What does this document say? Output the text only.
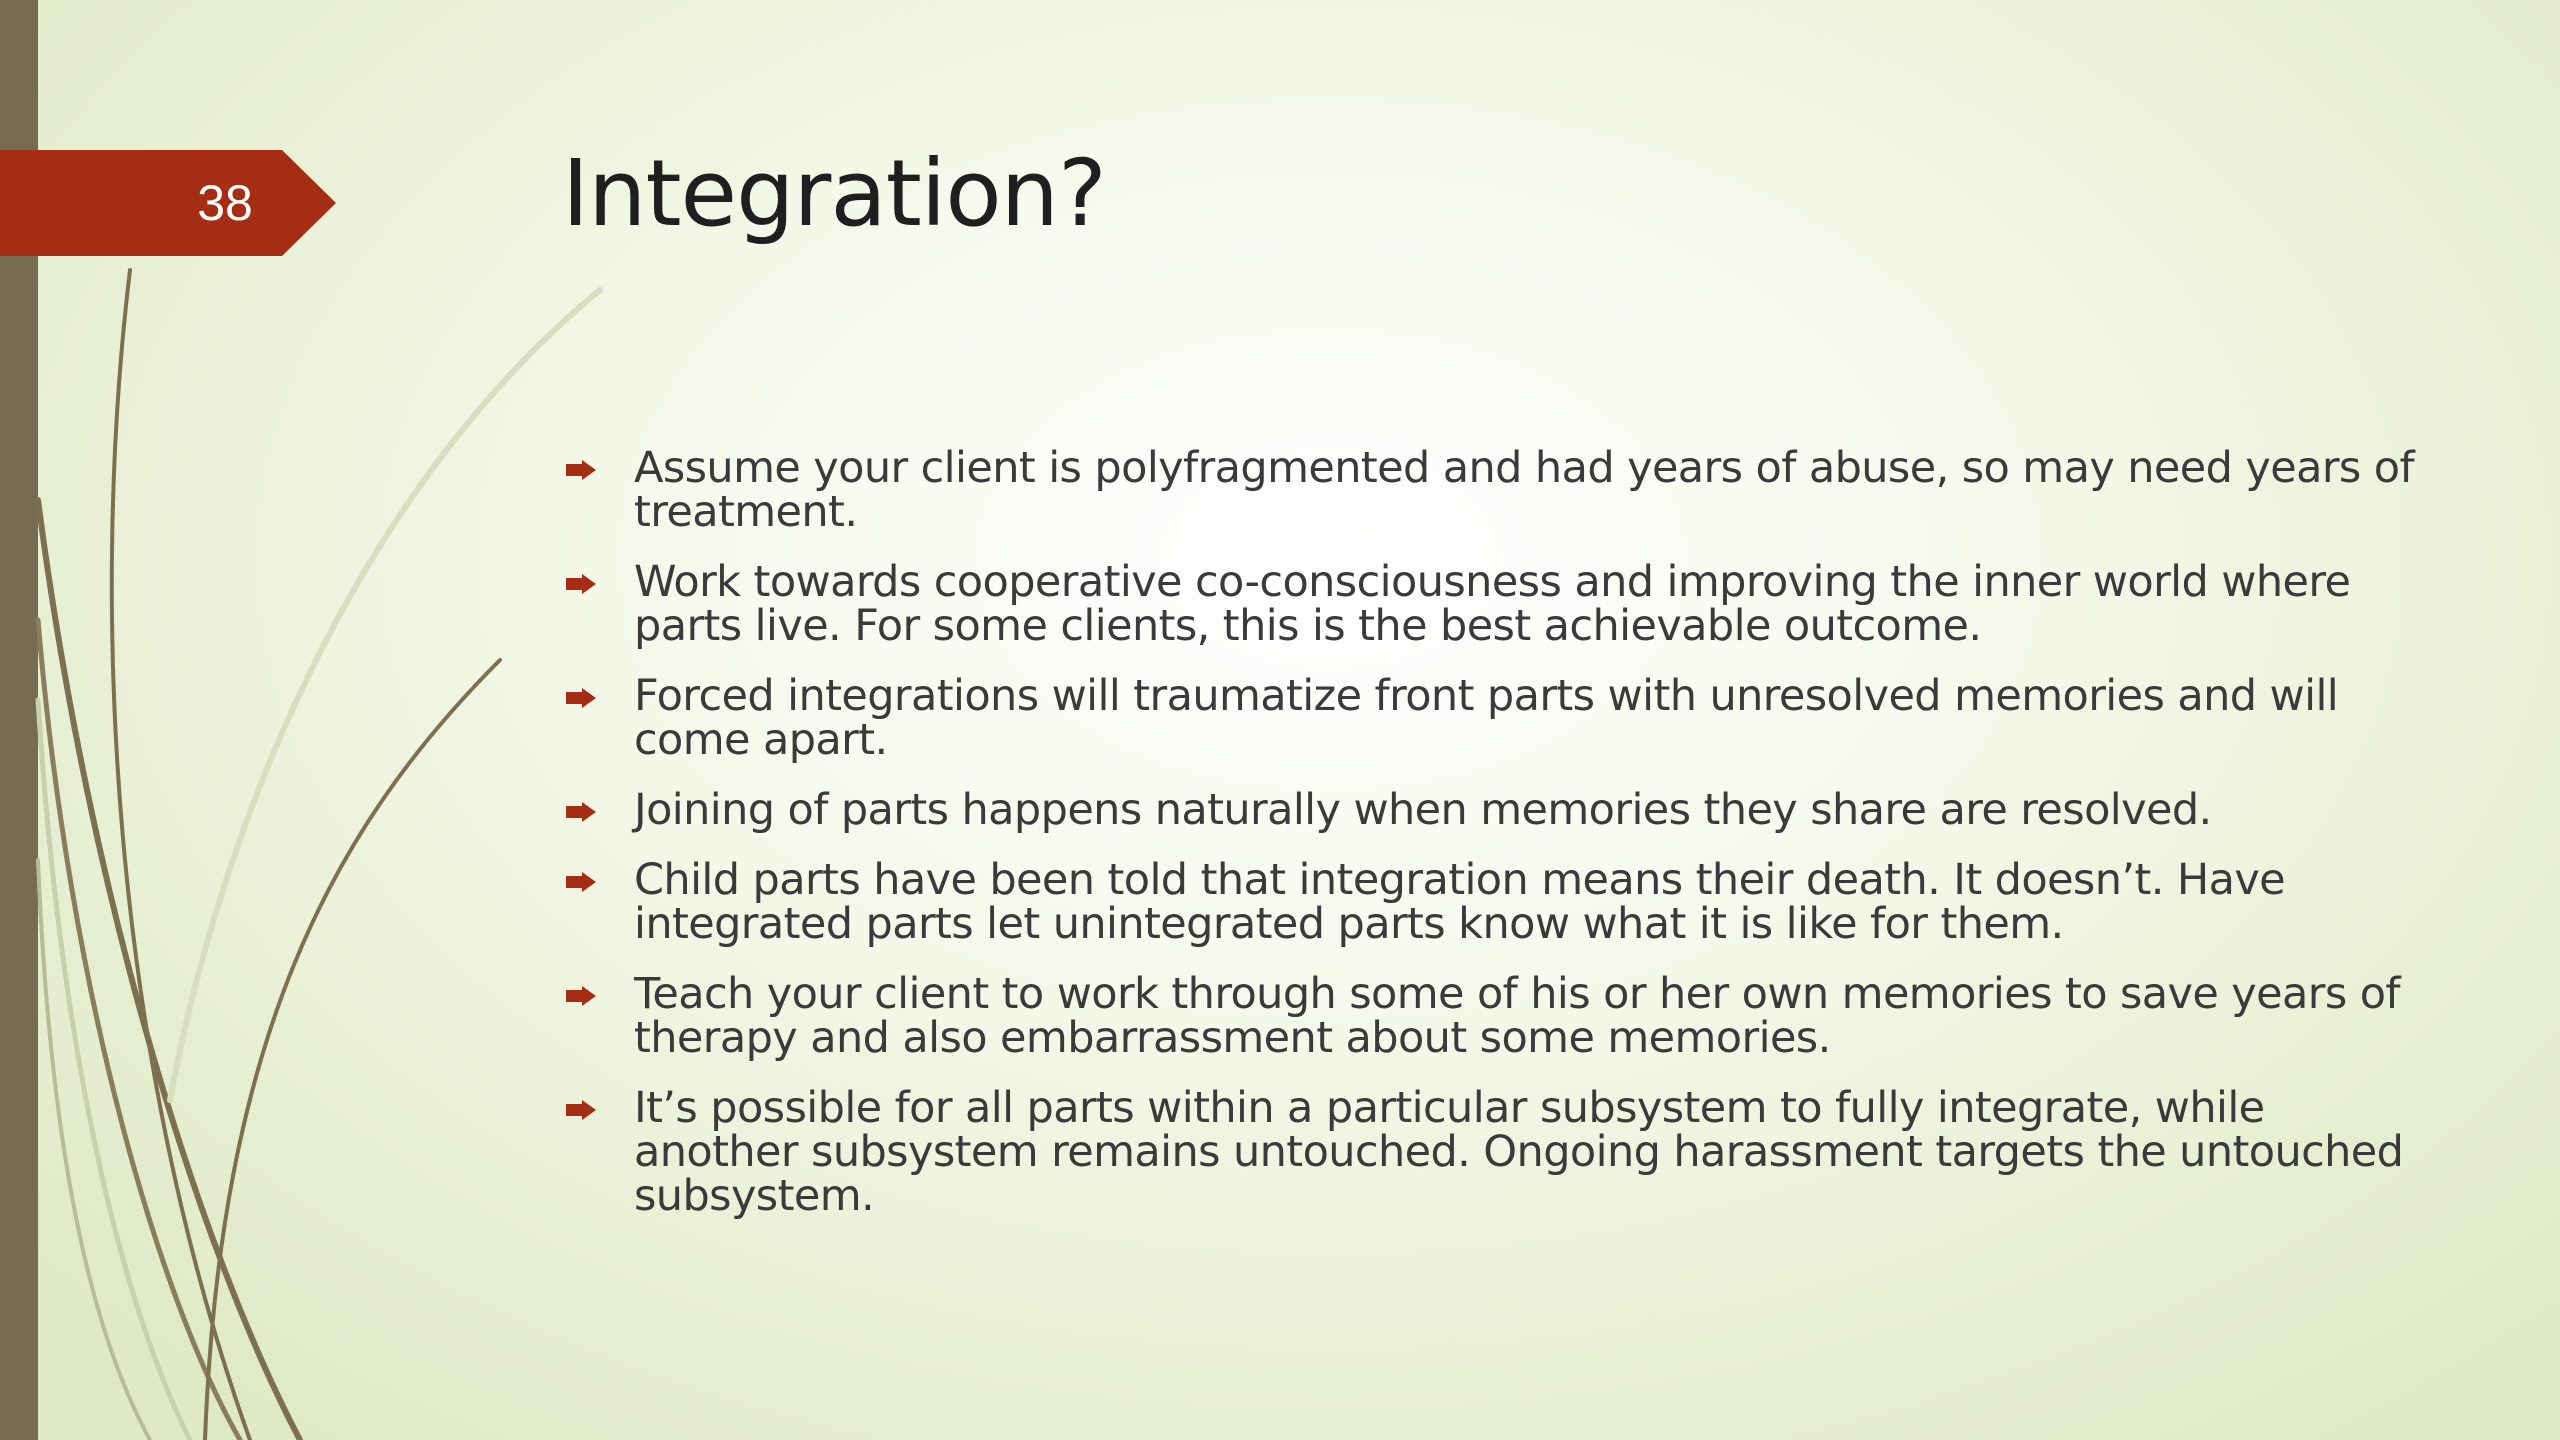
38	Integration?
Assume your client is polyfragmented and had years of abuse, so may need years of treatment.
Work towards cooperative co-consciousness and improving the inner world where parts live. For some clients, this is the best achievable outcome.
Forced integrations will traumatize front parts with unresolved memories and will come apart.
Joining of parts happens naturally when memories they share are resolved.
Child parts have been told that integration means their death. It doesn’t. Have integrated parts let unintegrated parts know what it is like for them.
Teach your client to work through some of his or her own memories to save years of therapy and also embarrassment about some memories.
It’s possible for all parts within a particular subsystem to fully integrate, while another subsystem remains untouched. Ongoing harassment targets the untouched subsystem.
